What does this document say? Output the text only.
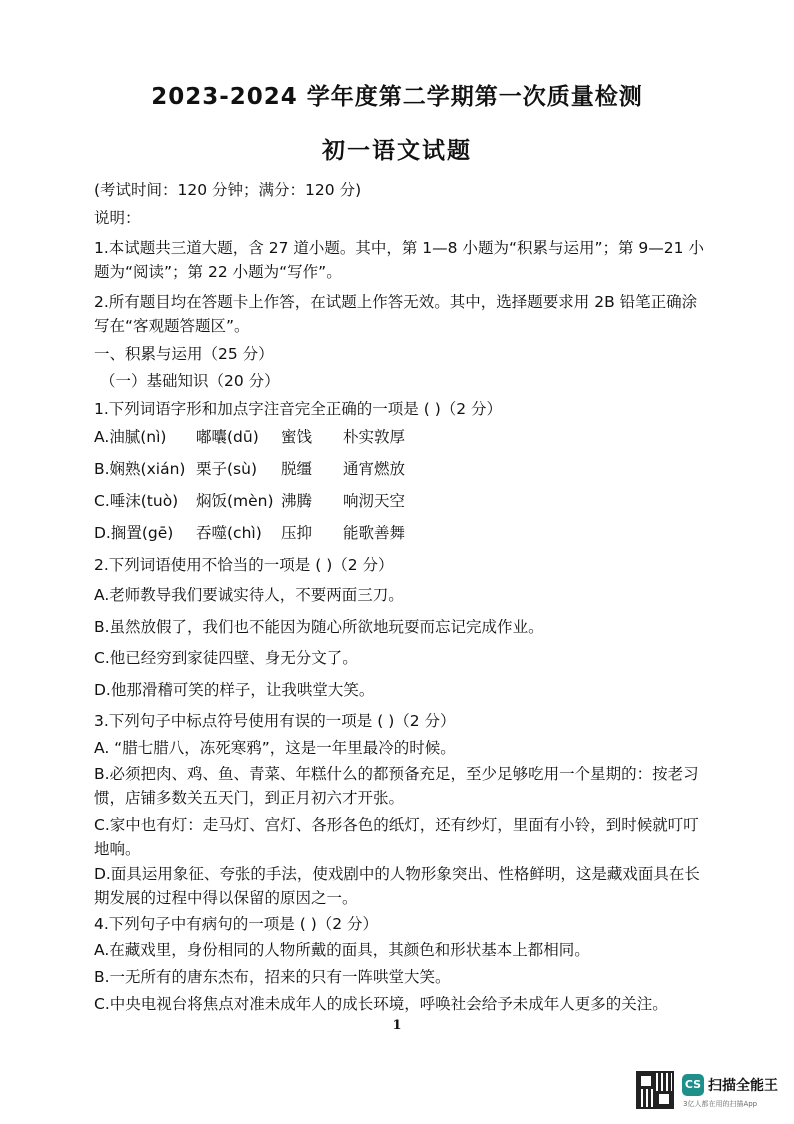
2023-2024 学年度第二学期第一次质量检测
初一语文试题
(考试时间：120 分钟；满分：120 分)
说明：
1.本试题共三道大题，含 27 道小题。其中，第 1—8 小题为“积累与运用”；第 9—21 小
题为“阅读”；第 22 小题为“写作”。
2.所有题目均在答题卡上作答，在试题上作答无效。其中，选择题要求用 2B 铅笔正确涂
写在“客观题答题区”。
一、积累与运用（25 分）
（一）基础知识（20 分）
1.下列词语字形和加点字注音完全正确的一项是 ( )（2 分）
A.油腻(nì) 嘟囔(dū) 蜜饯 朴实敦厚
B.娴熟(xián) 栗子(sù) 脱缰 通宵燃放
C.唾沫(tuò) 焖饭(mèn) 沸腾 响沏天空
D.搁置(gē) 吞噬(chì) 压抑 能歌善舞
2.下列词语使用不恰当的一项是 ( )（2 分）
A.老师教导我们要诚实待人，不要两面三刀。
B.虽然放假了，我们也不能因为随心所欲地玩耍而忘记完成作业。
C.他已经穷到家徒四壁、身无分文了。
D.他那滑稽可笑的样子，让我哄堂大笑。
3.下列句子中标点符号使用有误的一项是 ( )（2 分）
A. “腊七腊八，冻死寒鸦”，这是一年里最冷的时候。
B.必须把肉、鸡、鱼、青菜、年糕什么的都预备充足，至少足够吃用一个星期的：按老习
惯，店铺多数关五天门，到正月初六才开张。
C.家中也有灯：走马灯、宫灯、各形各色的纸灯，还有纱灯，里面有小铃，到时候就叮叮
地响。
D.面具运用象征、夸张的手法，使戏剧中的人物形象突出、性格鲜明，这是藏戏面具在长
期发展的过程中得以保留的原因之一。
4.下列句子中有病句的一项是 ( )（2 分）
A.在藏戏里，身份相同的人物所戴的面具，其颜色和形状基本上都相同。
B.一无所有的唐东杰布，招来的只有一阵哄堂大笑。
C.中央电视台将焦点对准未成年人的成长环境，呼唤社会给予未成年人更多的关注。
1
CS 扫描全能王
3亿人都在用的扫描App
